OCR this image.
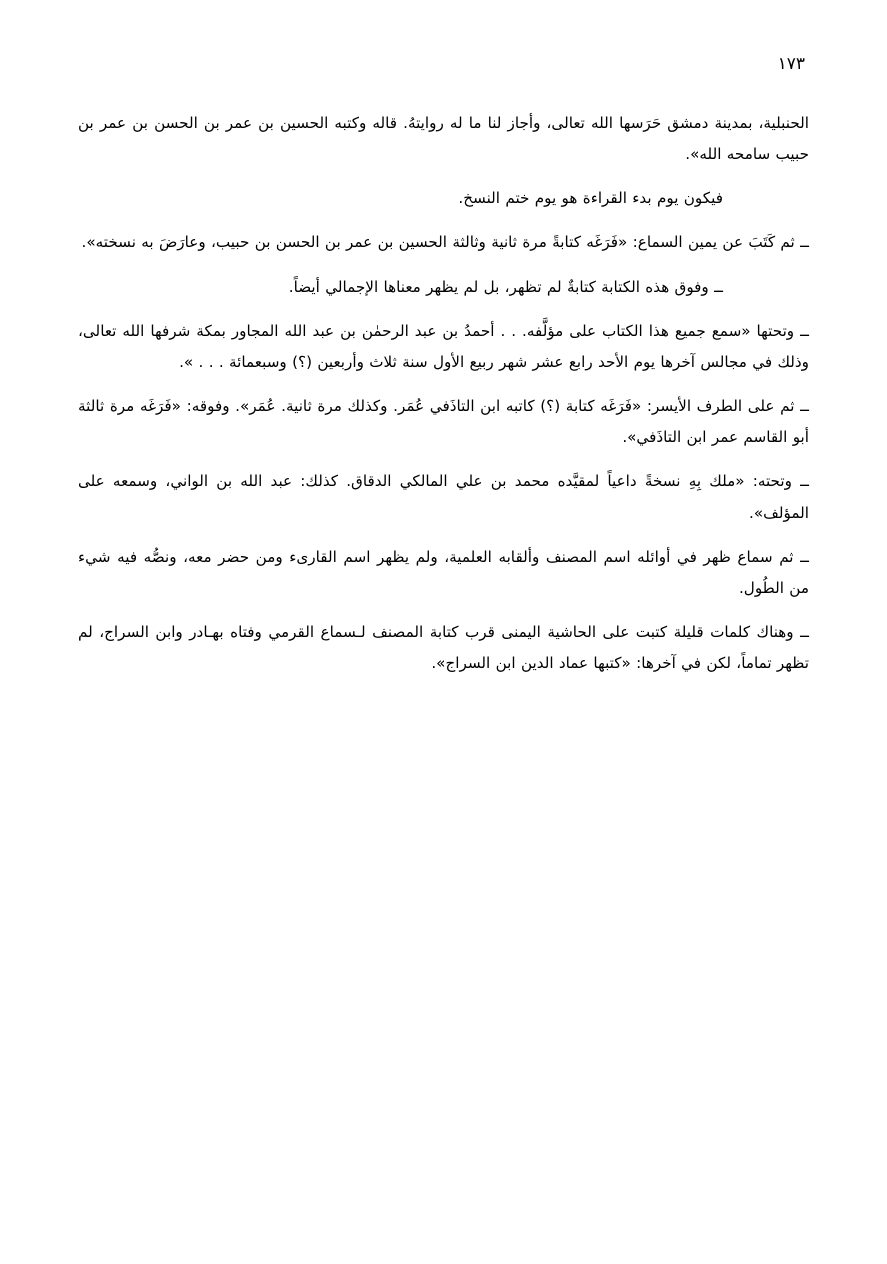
١٧٣

الحنبلية، بمدينة دمشق حَرَسها الله تعالى، وأجاز لنا ما له روايتهُ. قاله وكتبه الحسين بن عمر بن الحسن بن عمر بن حبيب سامحه الله».

فيكون يوم بدء القراءة هو يوم ختم النسخ.

ــ ثم كَتَبَ عن يمين السماع: «فَرَغَه كتابةً مرة ثانية وثالثة الحسين بن عمر بن الحسن بن حبيب، وعارَضَ به نسخته».

ــ وفوق هذه الكتابة كتابةٌ لم تظهر، بل لم يظهر معناها الإجمالي أيضاً.

ــ وتحتها «سمع جميع هذا الكتاب على مؤلَّفه. . . أحمدُ بن عبد الرحمٰن بن عبد الله المجاور بمكة شرفها الله تعالى، وذلك في مجالس آخرها يوم الأحد رابع عشر شهر ربيع الأول سنة ثلاث وأربعين (؟) وسبعمائة . . . ».

ــ ثم على الطرف الأيسر: «فَرَغَه كتابة (؟) كاتبه ابن التاذَفي عُمَر. وكذلك مرة ثانية. عُمَر». وفوقه: «فَرَغَه مرة ثالثة أبو القاسم عمر ابن التاذَفي».

ــ وتحته: «ملك بِهِ نسخةً داعياً لمقيَّده محمد بن علي المالكي الدقاق. كذلك: عبد الله بن الواني، وسمعه على المؤلف».

ــ ثم سماع ظهر في أوائله اسم المصنف وألقابه العلمية، ولم يظهر اسم القارىء ومن حضر معه، ونصُّه فيه شيء من الطُول.

ــ وهناك كلمات قليلة كتبت على الحاشية اليمنى قرب كتابة المصنف لـسماع القرمي وفتاه بهـادر وابن السراج، لم تظهر تماماً، لكن في آخرها: «كتبها عماد الدين ابن السراج».
